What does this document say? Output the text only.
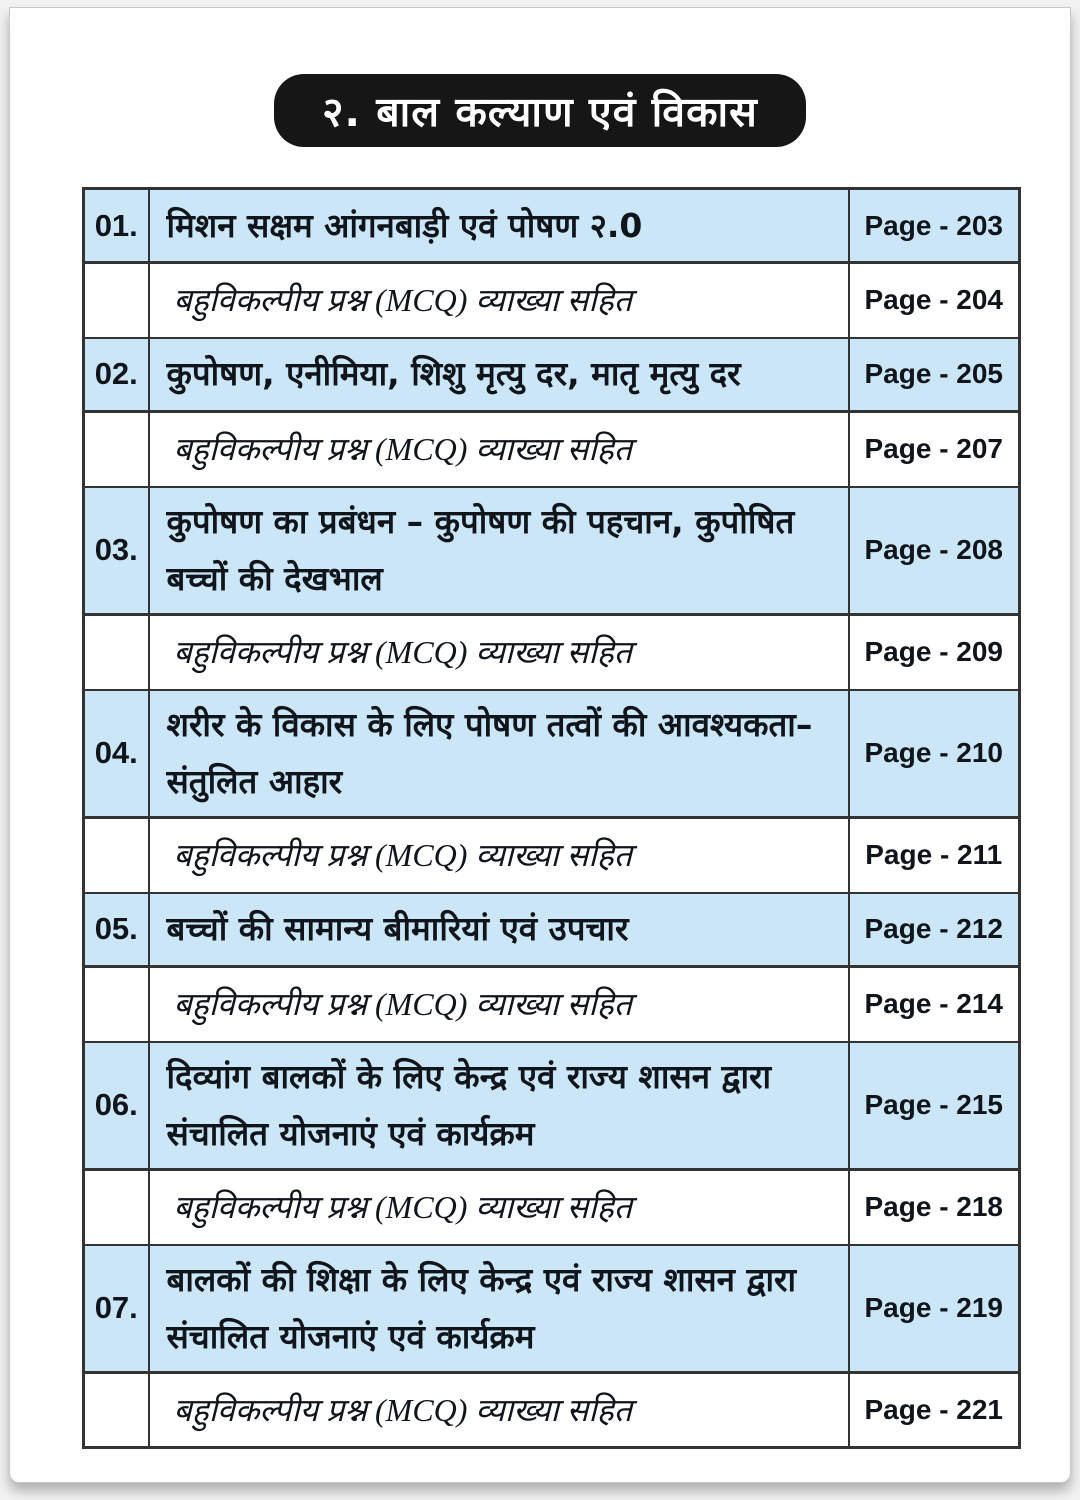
२. बाल कल्याण एवं विकास
01.	मिशन सक्षम आंगनबाड़ी एवं पोषण २.0	Page - 203
	बहुविकल्पीय प्रश्न (MCQ) व्याख्या सहित	Page - 204
02.	कुपोषण, एनीमिया, शिशु मृत्यु दर, मातृ मृत्यु दर	Page - 205
	बहुविकल्पीय प्रश्न (MCQ) व्याख्या सहित	Page - 207
03.	कुपोषण का प्रबंधन – कुपोषण की पहचान, कुपोषित बच्चों की देखभाल	Page - 208
	बहुविकल्पीय प्रश्न (MCQ) व्याख्या सहित	Page - 209
04.	शरीर के विकास के लिए पोषण तत्वों की आवश्यकता– संतुलित आहार	Page - 210
	बहुविकल्पीय प्रश्न (MCQ) व्याख्या सहित	Page - 211
05.	बच्चों की सामान्य बीमारियां एवं उपचार	Page - 212
	बहुविकल्पीय प्रश्न (MCQ) व्याख्या सहित	Page - 214
06.	दिव्यांग बालकों के लिए केन्द्र एवं राज्य शासन द्वारा संचालित योजनाएं एवं कार्यक्रम	Page - 215
	बहुविकल्पीय प्रश्न (MCQ) व्याख्या सहित	Page - 218
07.	बालकों की शिक्षा के लिए केन्द्र एवं राज्य शासन द्वारा संचालित योजनाएं एवं कार्यक्रम	Page - 219
	बहुविकल्पीय प्रश्न (MCQ) व्याख्या सहित	Page - 221
